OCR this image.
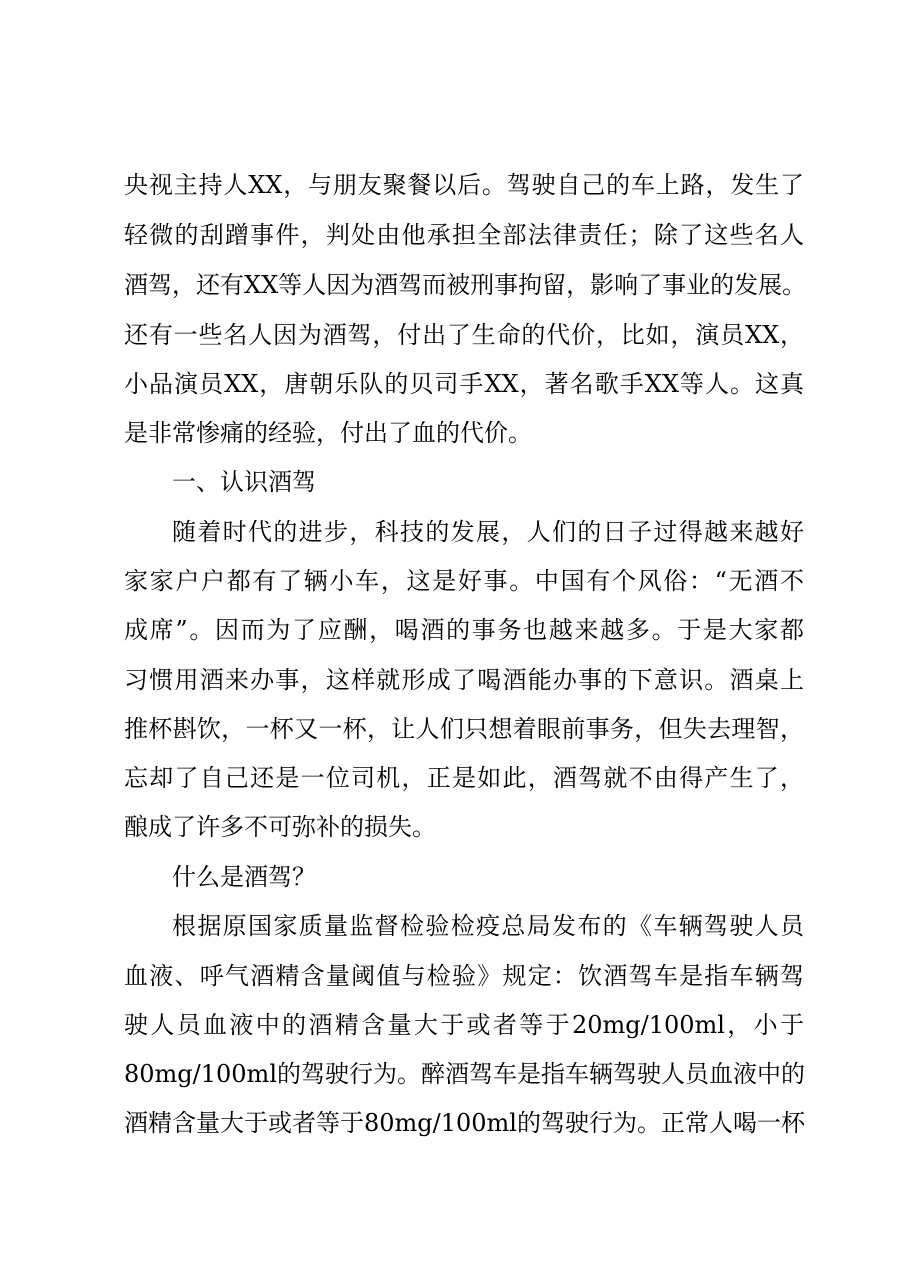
央视主持人XX，与朋友聚餐以后。驾驶自己的车上路，发生了
轻微的刮蹭事件，判处由他承担全部法律责任；除了这些名人
酒驾，还有XX等人因为酒驾而被刑事拘留，影响了事业的发展。
还有一些名人因为酒驾，付出了生命的代价，比如，演员XX，
小品演员XX，唐朝乐队的贝司手XX，著名歌手XX等人。这真
是非常惨痛的经验，付出了血的代价。
一、认识酒驾
随着时代的进步，科技的发展，人们的日子过得越来越好
家家户户都有了辆小车，这是好事。中国有个风俗：“无酒不
成席”。因而为了应酬，喝酒的事务也越来越多。于是大家都
习惯用酒来办事，这样就形成了喝酒能办事的下意识。酒桌上
推杯斟饮，一杯又一杯，让人们只想着眼前事务，但失去理智，
忘却了自己还是一位司机，正是如此，酒驾就不由得产生了，
酿成了许多不可弥补的损失。
什么是酒驾？
根据原国家质量监督检验检疫总局发布的《车辆驾驶人员
血液、呼气酒精含量阈值与检验》规定：饮酒驾车是指车辆驾
驶人员血液中的酒精含量大于或者等于20mg/100ml，小于
80mg/100ml的驾驶行为。醉酒驾车是指车辆驾驶人员血液中的
酒精含量大于或者等于80mg/100ml的驾驶行为。正常人喝一杯
